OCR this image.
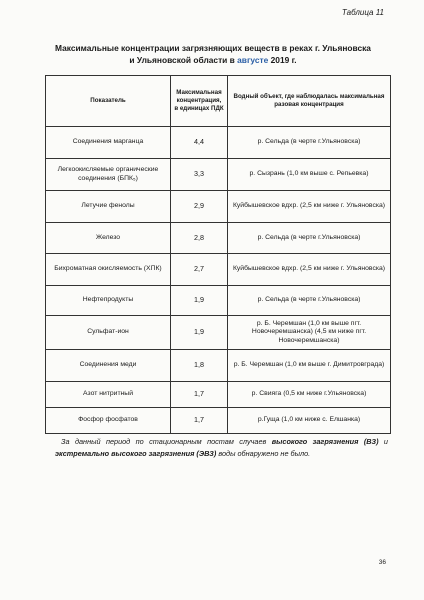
Таблица 11
Максимальные концентрации загрязняющих веществ в реках г. Ульяновска
и Ульяновской области в августе 2019 г.
Показатель	Максимальная концентрация, в единицах ПДК	Водный объект, где наблюдалась максимальная разовая концентрация
Соединения марганца	4,4	р. Сельда (в черте г.Ульяновска)
Легкоокисляемые органические соединения (БПК₅)	3,3	р. Сызрань (1,0 км выше с. Репьевка)
Летучие фенолы	2,9	Куйбышевское вдхр. (2,5 км ниже г. Ульяновска)
Железо	2,8	р. Сельда (в черте г.Ульяновска)
Бихроматная окисляемость (ХПК)	2,7	Куйбышевское вдхр. (2,5 км ниже г. Ульяновска)
Нефтепродукты	1,9	р. Сельда (в черте г.Ульяновска)
Сульфат-ион	1,9	р. Б. Черемшан (1,0 км выше пгт. Новочеремшанска) (4,5 км ниже пгт. Новочеремшанска)
Соединения меди	1,8	р. Б. Черемшан (1,0 км выше г. Димитровграда)
Азот нитритный	1,7	р. Свияга (0,5 км ниже г.Ульяновска)
Фосфор фосфатов	1,7	р.Гуща (1,0 км ниже с. Елшанка)
За данный период по стационарным постам случаев высокого загрязнения (ВЗ) и экстремально высокого загрязнения (ЭВЗ) воды обнаружено не было.
36
